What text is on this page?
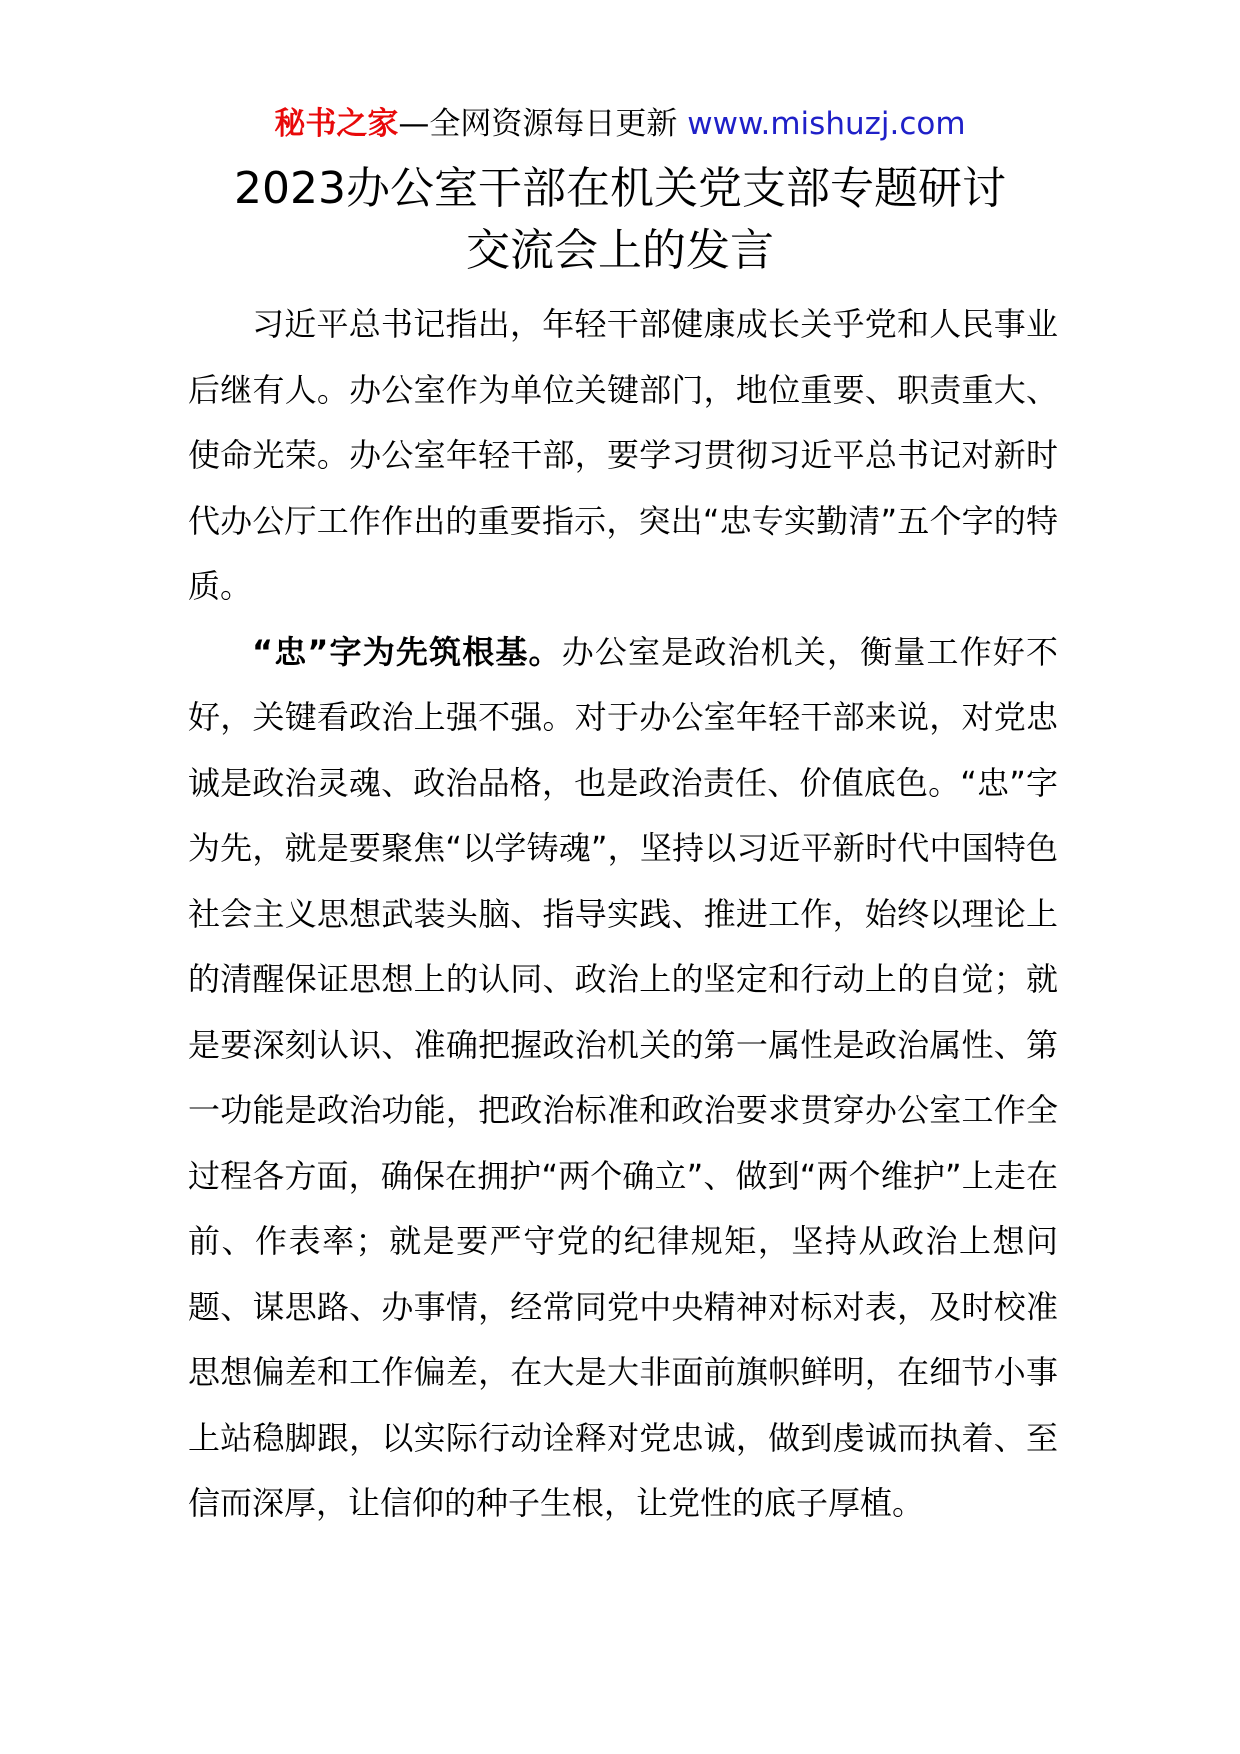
秘书之家—全网资源每日更新 www.mishuzj.com
2023办公室干部在机关党支部专题研讨
交流会上的发言

习近平总书记指出，年轻干部健康成长关乎党和人民事业后继有人。办公室作为单位关键部门，地位重要、职责重大、使命光荣。办公室年轻干部，要学习贯彻习近平总书记对新时代办公厅工作作出的重要指示，突出“忠专实勤清”五个字的特质。

“忠”字为先筑根基。办公室是政治机关，衡量工作好不好，关键看政治上强不强。对于办公室年轻干部来说，对党忠诚是政治灵魂、政治品格，也是政治责任、价值底色。“忠”字为先，就是要聚焦“以学铸魂”，坚持以习近平新时代中国特色社会主义思想武装头脑、指导实践、推进工作，始终以理论上的清醒保证思想上的认同、政治上的坚定和行动上的自觉；就是要深刻认识、准确把握政治机关的第一属性是政治属性、第一功能是政治功能，把政治标准和政治要求贯穿办公室工作全过程各方面，确保在拥护“两个确立”、做到“两个维护”上走在前、作表率；就是要严守党的纪律规矩，坚持从政治上想问题、谋思路、办事情，经常同党中央精神对标对表，及时校准思想偏差和工作偏差，在大是大非面前旗帜鲜明，在细节小事上站稳脚跟，以实际行动诠释对党忠诚，做到虔诚而执着、至信而深厚，让信仰的种子生根，让党性的底子厚植。
